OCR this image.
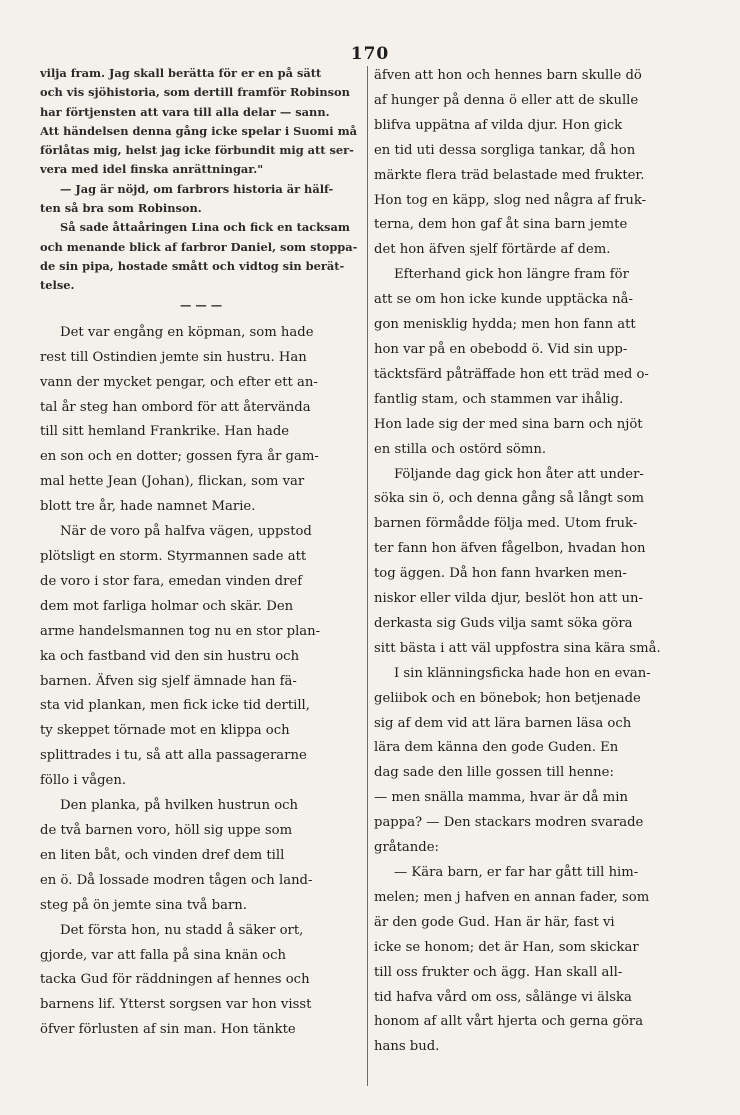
170
vilja fram. Jag skall berätta för er en på sätt
och vis sjöhistoria, som dertill framför Robinson
har förtjensten att vara till alla delar — sann.
Att händelsen denna gång icke spelar i Suomi må
förlåtas mig, helst jag icke förbundit mig att ser-
vera med idel finska anrättningar."
— Jag är nöjd, om farbrors historia är hälf-
ten så bra som Robinson.
Så sade åttaåringen Lina och fick en tacksam
och menande blick af farbror Daniel, som stoppa-
de sin pipa, hostade smått och vidtog sin berät-
telse.
— — —
Det var engång en köpman, som hade
rest till Ostindien jemte sin hustru. Han
vann der mycket pengar, och efter ett an-
tal år steg han ombord för att återvända
till sitt hemland Frankrike. Han hade
en son och en dotter; gossen fyra år gam-
mal hette Jean (Johan), flickan, som var
blott tre år, hade namnet Marie.
När de voro på halfva vägen, uppstod
plötsligt en storm. Styrmannen sade att
de voro i stor fara, emedan vinden dref
dem mot farliga holmar och skär. Den
arme handelsmannen tog nu en stor plan-
ka och fastband vid den sin hustru och
barnen. Äfven sig sjelf ämnade han fä-
sta vid plankan, men fick icke tid dertill,
ty skeppet törnade mot en klippa och
splittrades i tu, så att alla passagerarne
föllo i vågen.
Den planka, på hvilken hustrun och
de två barnen voro, höll sig uppe som
en liten båt, och vinden dref dem till
en ö. Då lossade modren tågen och land-
steg på ön jemte sina två barn.
Det första hon, nu stadd å säker ort,
gjorde, var att falla på sina knän och
tacka Gud för räddningen af hennes och
barnens lif. Ytterst sorgsen var hon visst
öfver förlusten af sin man. Hon tänkte
äfven att hon och hennes barn skulle dö
af hunger på denna ö eller att de skulle
blifva uppätna af vilda djur. Hon gick
en tid uti dessa sorgliga tankar, då hon
märkte flera träd belastade med frukter.
Hon tog en käpp, slog ned några af fruk-
terna, dem hon gaf åt sina barn jemte
det hon äfven sjelf förtärde af dem.
Efterhand gick hon längre fram för
att se om hon icke kunde upptäcka nå-
gon menisklig hydda; men hon fann att
hon var på en obebodd ö. Vid sin upp-
täcktsfärd påträffade hon ett träd med o-
fantlig stam, och stammen var ihålig.
Hon lade sig der med sina barn och njöt
en stilla och ostörd sömn.
Följande dag gick hon åter att under-
söka sin ö, och denna gång så långt som
barnen förmådde följa med. Utom fruk-
ter fann hon äfven fågelbon, hvadan hon
tog äggen. Då hon fann hvarken men-
niskor eller vilda djur, beslöt hon att un-
derkasta sig Guds vilja samt söka göra
sitt bästa i att väl uppfostra sina kära små.
I sin klänningsficka hade hon en evan-
geliibok och en bönebok; hon betjenade
sig af dem vid att lära barnen läsa och
lära dem känna den gode Guden. En
dag sade den lille gossen till henne:
— men snälla mamma, hvar är då min
pappa? — Den stackars modren svarade
gråtande:
— Kära barn, er far har gått till him-
melen; men j hafven en annan fader, som
är den gode Gud. Han är här, fast vi
icke se honom; det är Han, som skickar
till oss frukter och ägg. Han skall all-
tid hafva vård om oss, sålänge vi älska
honom af allt vårt hjerta och gerna göra
hans bud.
